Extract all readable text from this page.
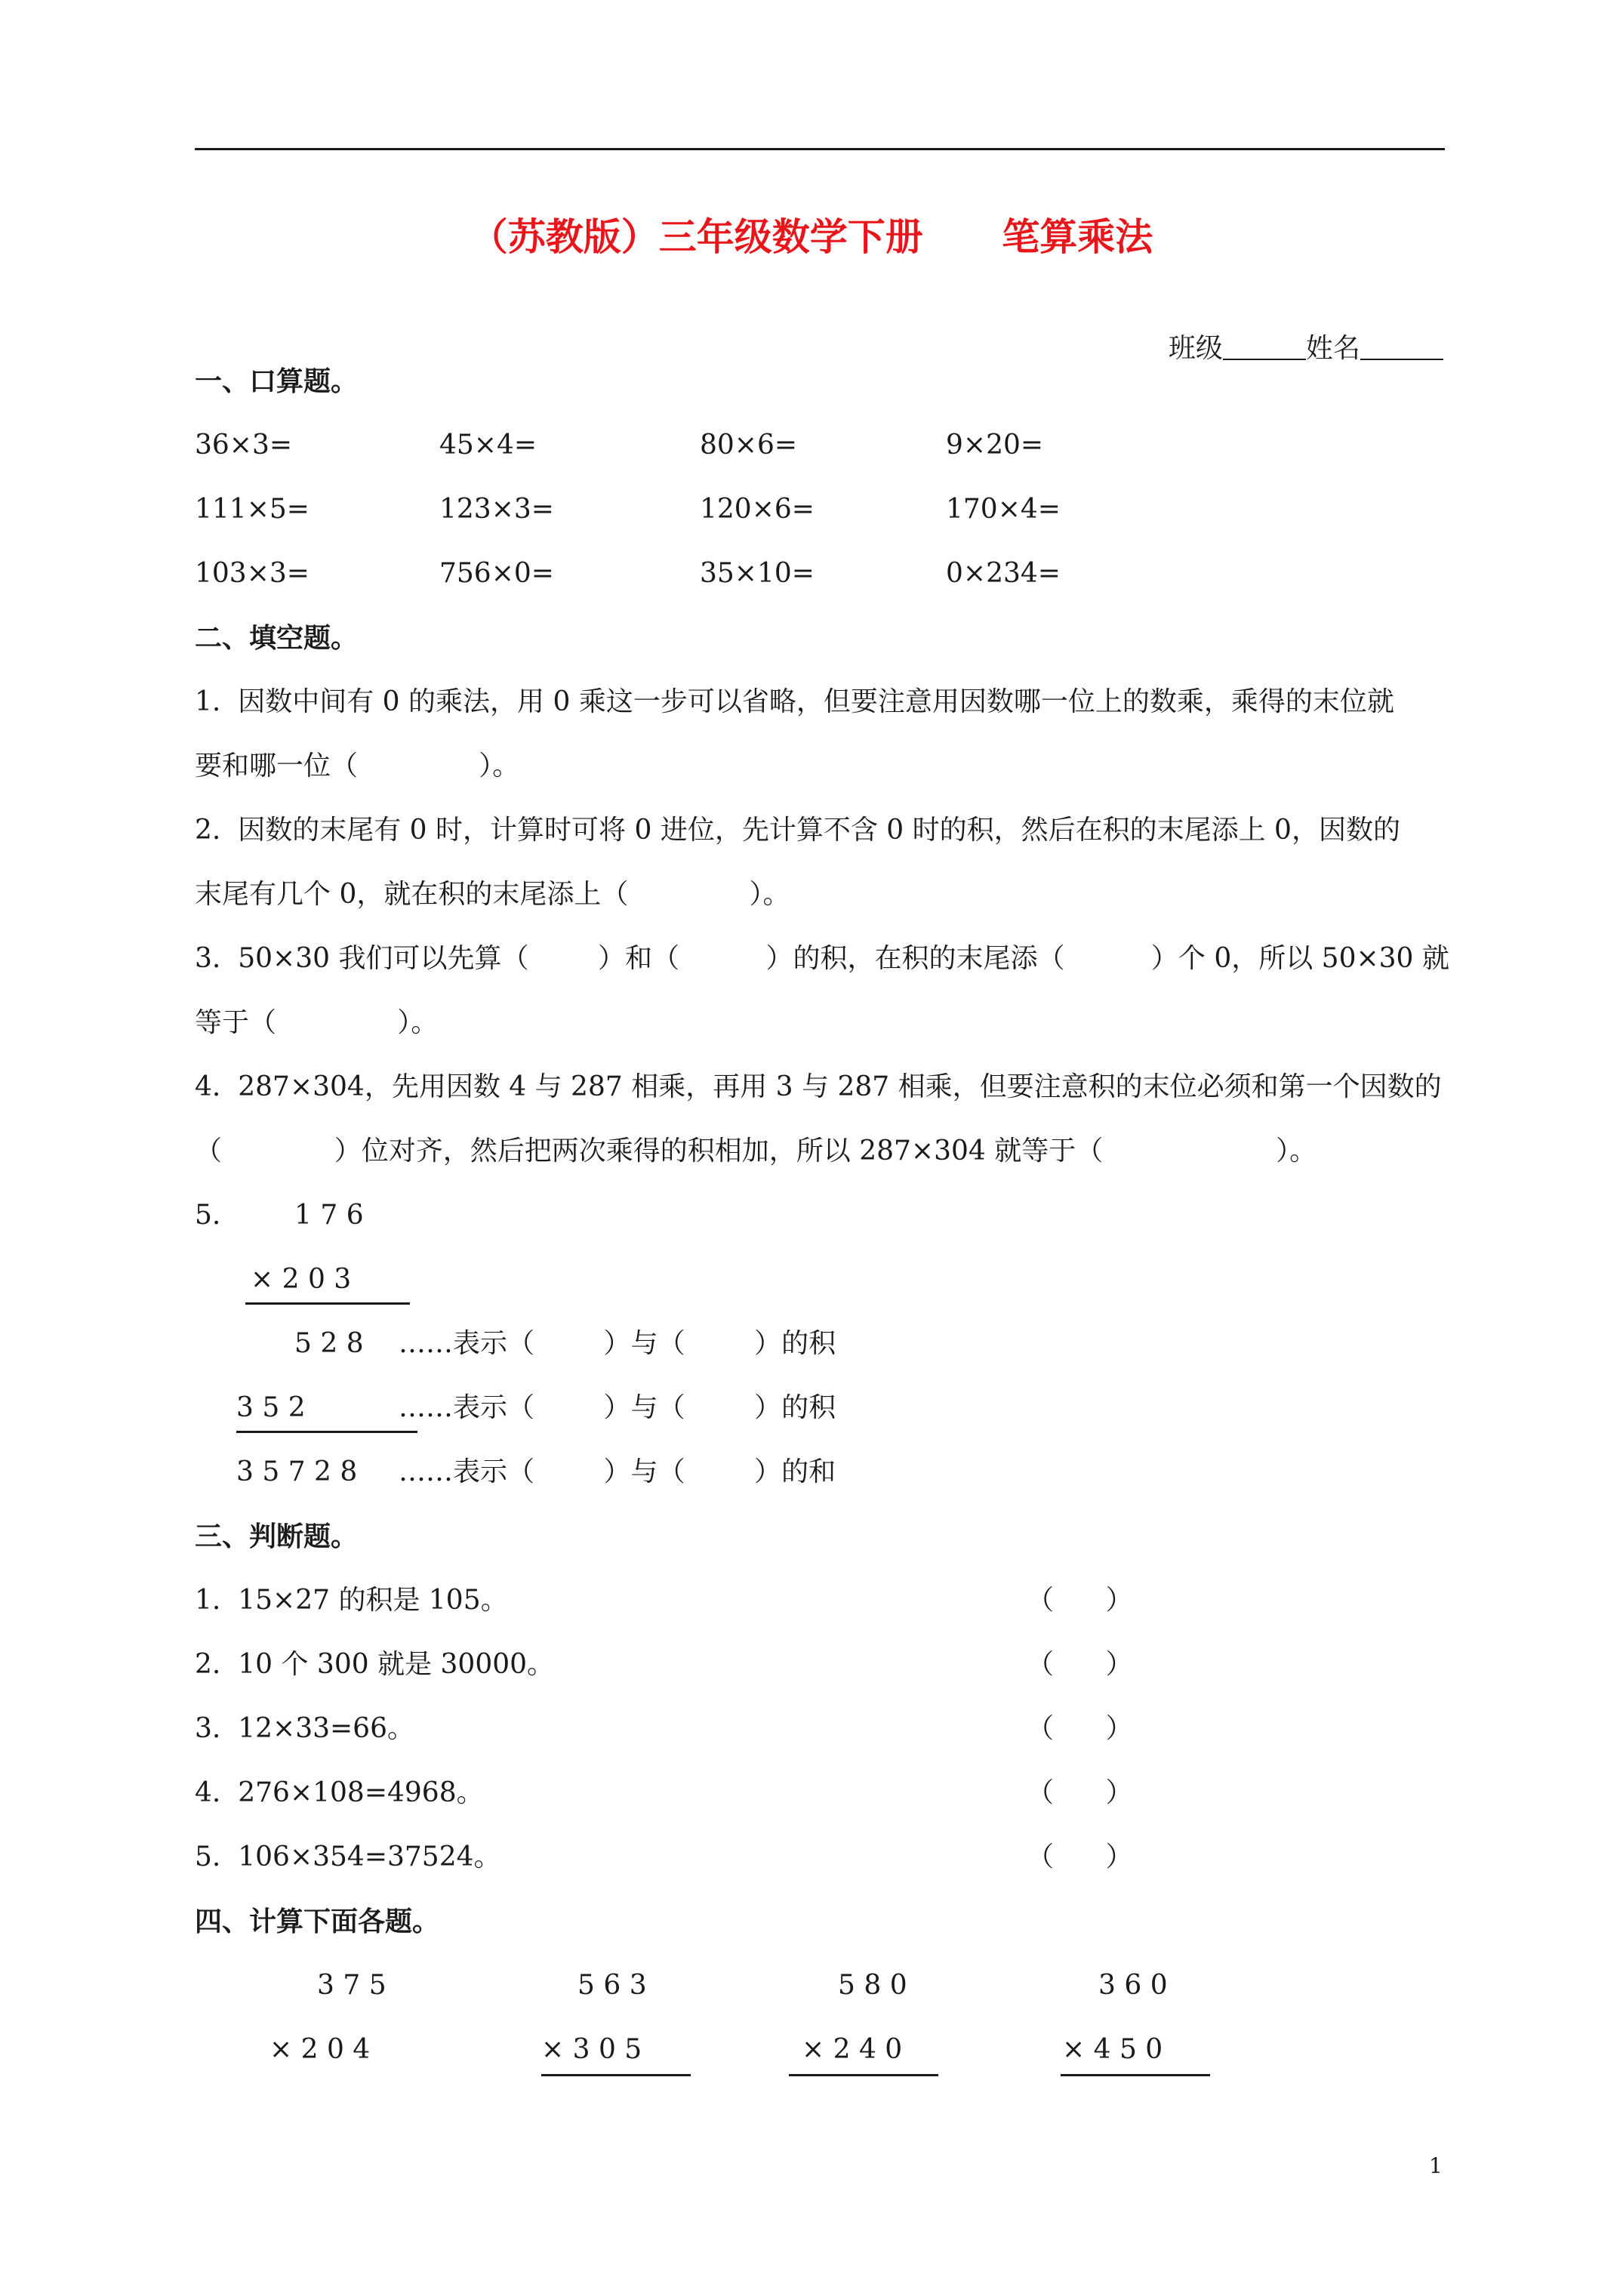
（苏教版）三年级数学下册      笔算乘法

班级	姓名

一、口算题。
36×3=	45×4=	80×6=	9×20=
111×5=	123×3=	120×6=	170×4=
103×3=	756×0=	35×10=	0×234=
二、填空题。
1.  因数中间有 0 的乘法，用 0 乘这一步可以省略，但要注意用因数哪一位上的数乘，乘得的末位就
要和哪一位（              ）。
2.  因数的末尾有 0 时，计算时可将 0 进位，先计算不含 0 时的积，然后在积的末尾添上 0，因数的
末尾有几个 0，就在积的末尾添上（              ）。
3.  50×30 我们可以先算（        ）和（          ）的积，在积的末尾添（          ）个 0，所以 50×30 就
等于（              ）。
4.  287×304，先用因数 4 与 287 相乘，再用 3 与 287 相乘，但要注意积的末位必须和第一个因数的
（             ）位对齐，然后把两次乘得的积相加，所以 287×304 就等于（                    ）。
5.	1 7 6
× 2 0 3
5 2 8 ……表示（        ）与（        ）的积
3 5 2	……表示（        ）与（        ）的积
3 5 7 2 8 ……表示（        ）与（        ）的和
三、判断题。
1.  15×27 的积是 105。	（      ）
2.  10 个 300 就是 30000。	（      ）
3.  12×33=66。	（      ）
4.  276×108=4968。	（      ）
5.  106×354=37524。	（      ）
四、计算下面各题。
3 7 5
× 2 0 4
5 6 3
× 3 0 5
5 8 0
× 2 4 0
3 6 0
× 4 5 0
1
